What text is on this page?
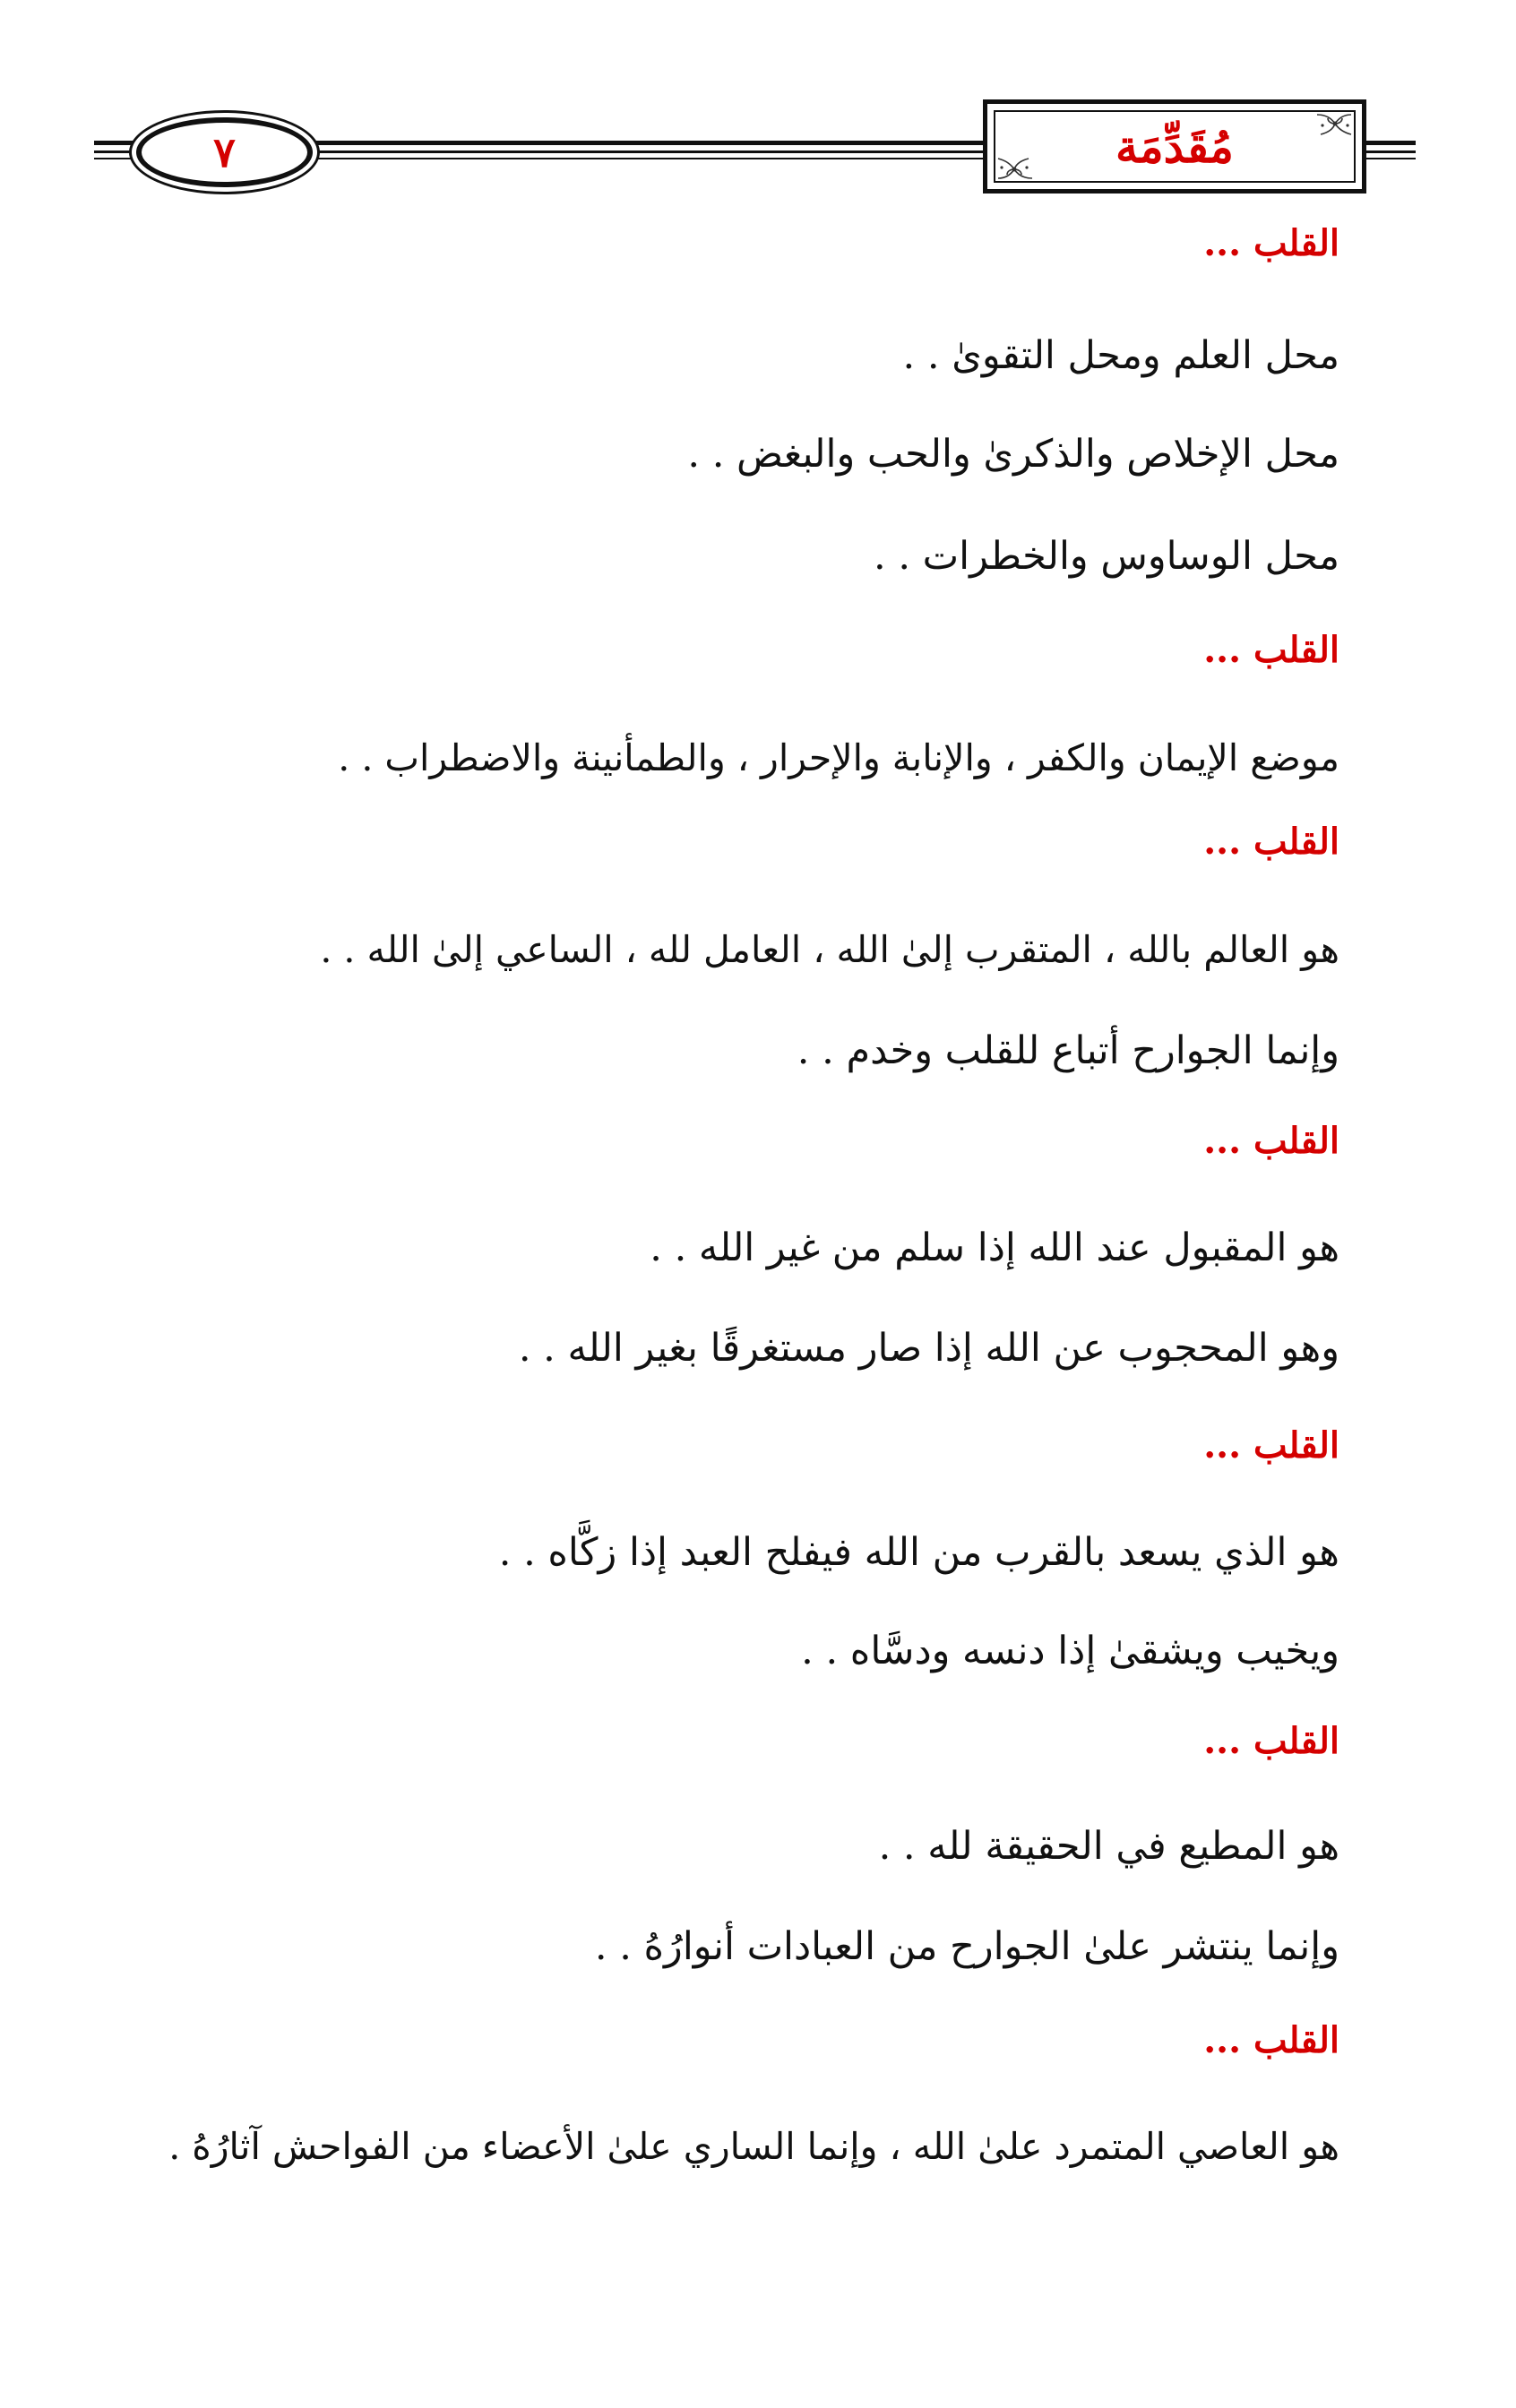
٧	مُقَدِّمَة
القلب ...
محل العلم ومحل التقوىٰ . .
محل الإخلاص والذكرىٰ والحب والبغض . .
محل الوساوس والخطرات . .
القلب ...
موضع الإيمان والكفر ، والإنابة والإحرار ، والطمأنينة والاضطراب . .
القلب ...
هو العالم بالله ، المتقرب إلىٰ الله ، العامل لله ، الساعي إلىٰ الله . .
وإنما الجوارح أتباع للقلب وخدم . .
القلب ...
هو المقبول عند الله إذا سلم من غير الله . .
وهو المحجوب عن الله إذا صار مستغرقًا بغير الله . .
القلب ...
هو الذي يسعد بالقرب من الله فيفلح العبد إذا زكَّاه . .
ويخيب ويشقىٰ إذا دنسه ودسَّاه . .
القلب ...
هو المطيع في الحقيقة لله . .
وإنما ينتشر علىٰ الجوارح من العبادات أنوارُهُ . .
القلب ...
هو العاصي المتمرد علىٰ الله ، وإنما الساري علىٰ الأعضاء من الفواحش آثارُهُ .
